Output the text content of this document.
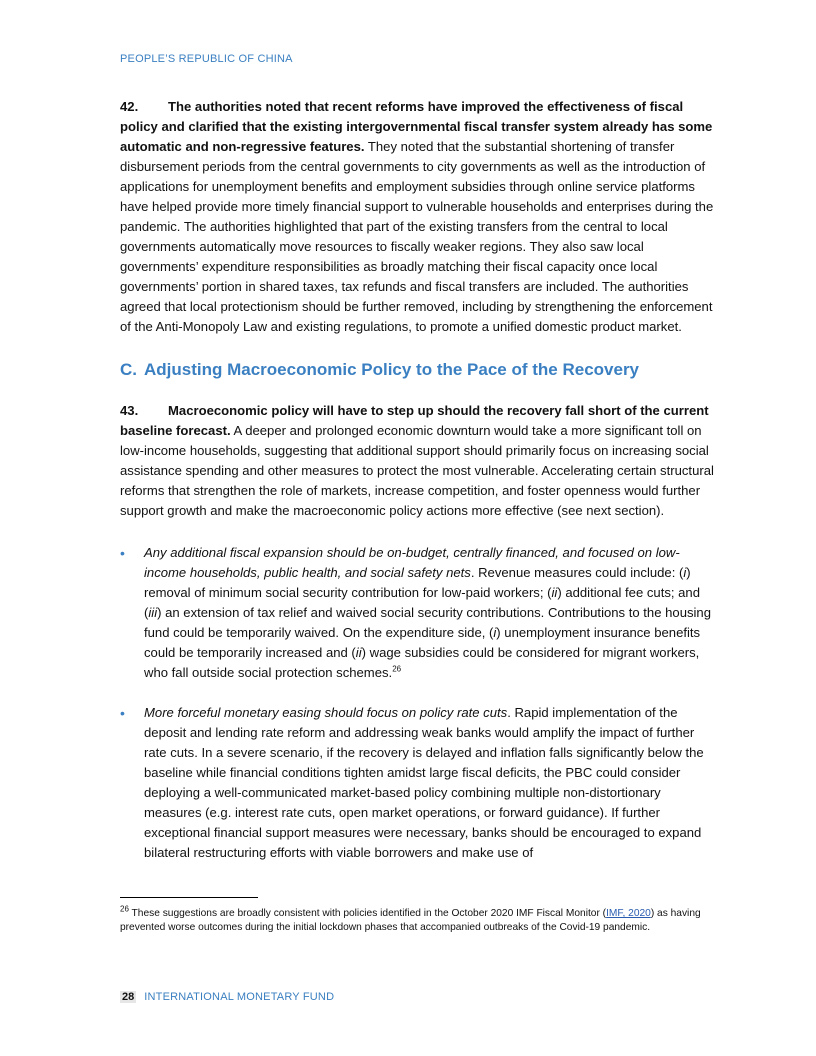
PEOPLE’S REPUBLIC OF CHINA

42. The authorities noted that recent reforms have improved the effectiveness of fiscal policy and clarified that the existing intergovernmental fiscal transfer system already has some automatic and non-regressive features. They noted that the substantial shortening of transfer disbursement periods from the central governments to city governments as well as the introduction of applications for unemployment benefits and employment subsidies through online service platforms have helped provide more timely financial support to vulnerable households and enterprises during the pandemic. The authorities highlighted that part of the existing transfers from the central to local governments automatically move resources to fiscally weaker regions. They also saw local governments’ expenditure responsibilities as broadly matching their fiscal capacity once local governments’ portion in shared taxes, tax refunds and fiscal transfers are included. The authorities agreed that local protectionism should be further removed, including by strengthening the enforcement of the Anti-Monopoly Law and existing regulations, to promote a unified domestic product market.

C. Adjusting Macroeconomic Policy to the Pace of the Recovery

43. Macroeconomic policy will have to step up should the recovery fall short of the current baseline forecast. A deeper and prolonged economic downturn would take a more significant toll on low-income households, suggesting that additional support should primarily focus on increasing social assistance spending and other measures to protect the most vulnerable. Accelerating certain structural reforms that strengthen the role of markets, increase competition, and foster openness would further support growth and make the macroeconomic policy actions more effective (see next section).

• Any additional fiscal expansion should be on-budget, centrally financed, and focused on low-income households, public health, and social safety nets. Revenue measures could include: (i) removal of minimum social security contribution for low-paid workers; (ii) additional fee cuts; and (iii) an extension of tax relief and waived social security contributions. Contributions to the housing fund could be temporarily waived. On the expenditure side, (i) unemployment insurance benefits could be temporarily increased and (ii) wage subsidies could be considered for migrant workers, who fall outside social protection schemes.$^{26}$

• More forceful monetary easing should focus on policy rate cuts. Rapid implementation of the deposit and lending rate reform and addressing weak banks would amplify the impact of further rate cuts. In a severe scenario, if the recovery is delayed and inflation falls significantly below the baseline while financial conditions tighten amidst large fiscal deficits, the PBC could consider deploying a well-communicated market-based policy combining multiple non-distortionary measures (e.g. interest rate cuts, open market operations, or forward guidance). If further exceptional financial support measures were necessary, banks should be encouraged to expand bilateral restructuring efforts with viable borrowers and make use of

$^{26}$ These suggestions are broadly consistent with policies identified in the October 2020 IMF Fiscal Monitor (IMF, 2020) as having prevented worse outcomes during the initial lockdown phases that accompanied outbreaks of the Covid-19 pandemic.

28 INTERNATIONAL MONETARY FUND
